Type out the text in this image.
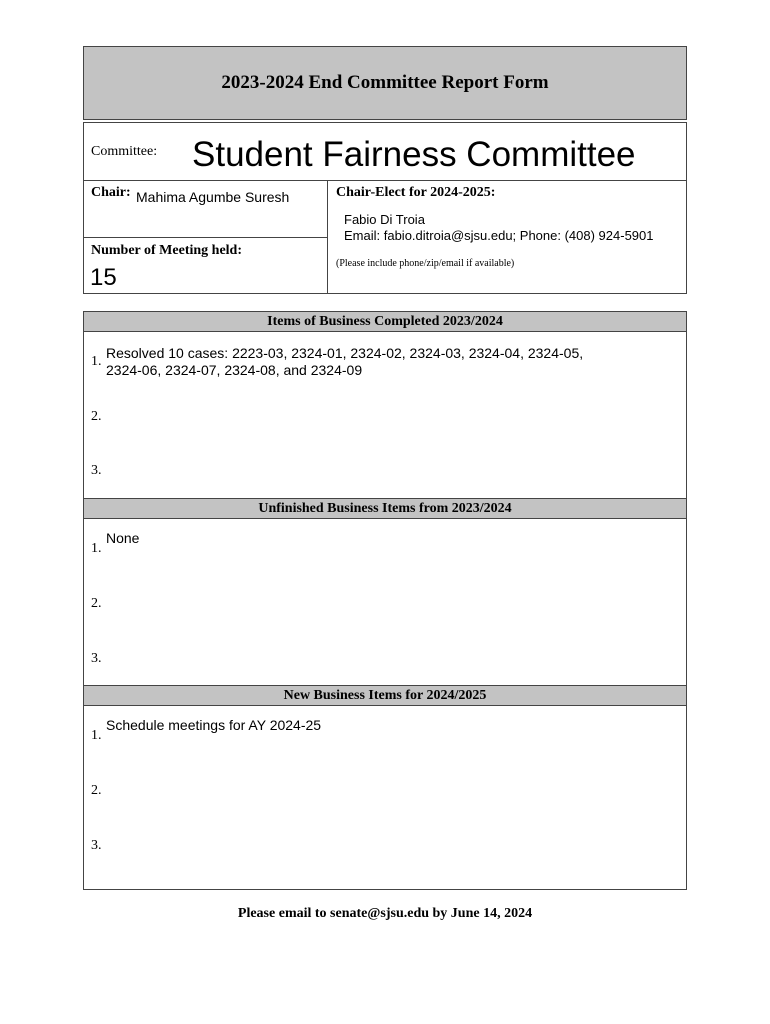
2023-2024 End Committee Report Form
Committee: Student Fairness Committee
Chair: Mahima Agumbe Suresh
Number of Meeting held:
15
Chair-Elect for 2024-2025:
Fabio Di Troia
Email: fabio.ditroia@sjsu.edu; Phone: (408) 924-5901
(Please include phone/zip/email if available)
Items of Business Completed 2023/2024
1.
Resolved 10 cases: 2223-03, 2324-01, 2324-02, 2324-03, 2324-04, 2324-05,
2324-06, 2324-07, 2324-08, and 2324-09
2.
3.
Unfinished Business Items from 2023/2024
1.
None
2.
3.
New Business Items for 2024/2025
1.
Schedule meetings for AY 2024-25
2.
3.
Please email to senate@sjsu.edu by June 14, 2024
